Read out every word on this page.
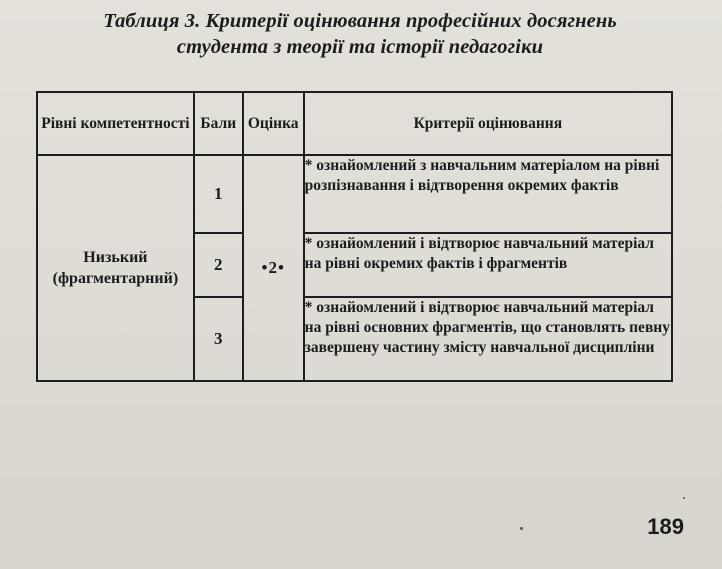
Таблиця 3. Критерії оцінювання професійних досягнень
студента з теорії та історії педагогіки
Рівні компетентності	Бали	Оцінка	Критерії оцінювання

Низький
(фрагментарний)	1	•2•	* ознайомлений з навчальним матеріалом на рівні розпізнавання і відтворення окремих фактів
	2		* ознайомлений і відтворює навчальний матеріал на рівні окремих фактів і фрагментів
	3		* ознайомлений і відтворює навчальний матеріал на рівні основних фрагментів, що становлять певну завершену частину змісту навчальної дисципліни
189
